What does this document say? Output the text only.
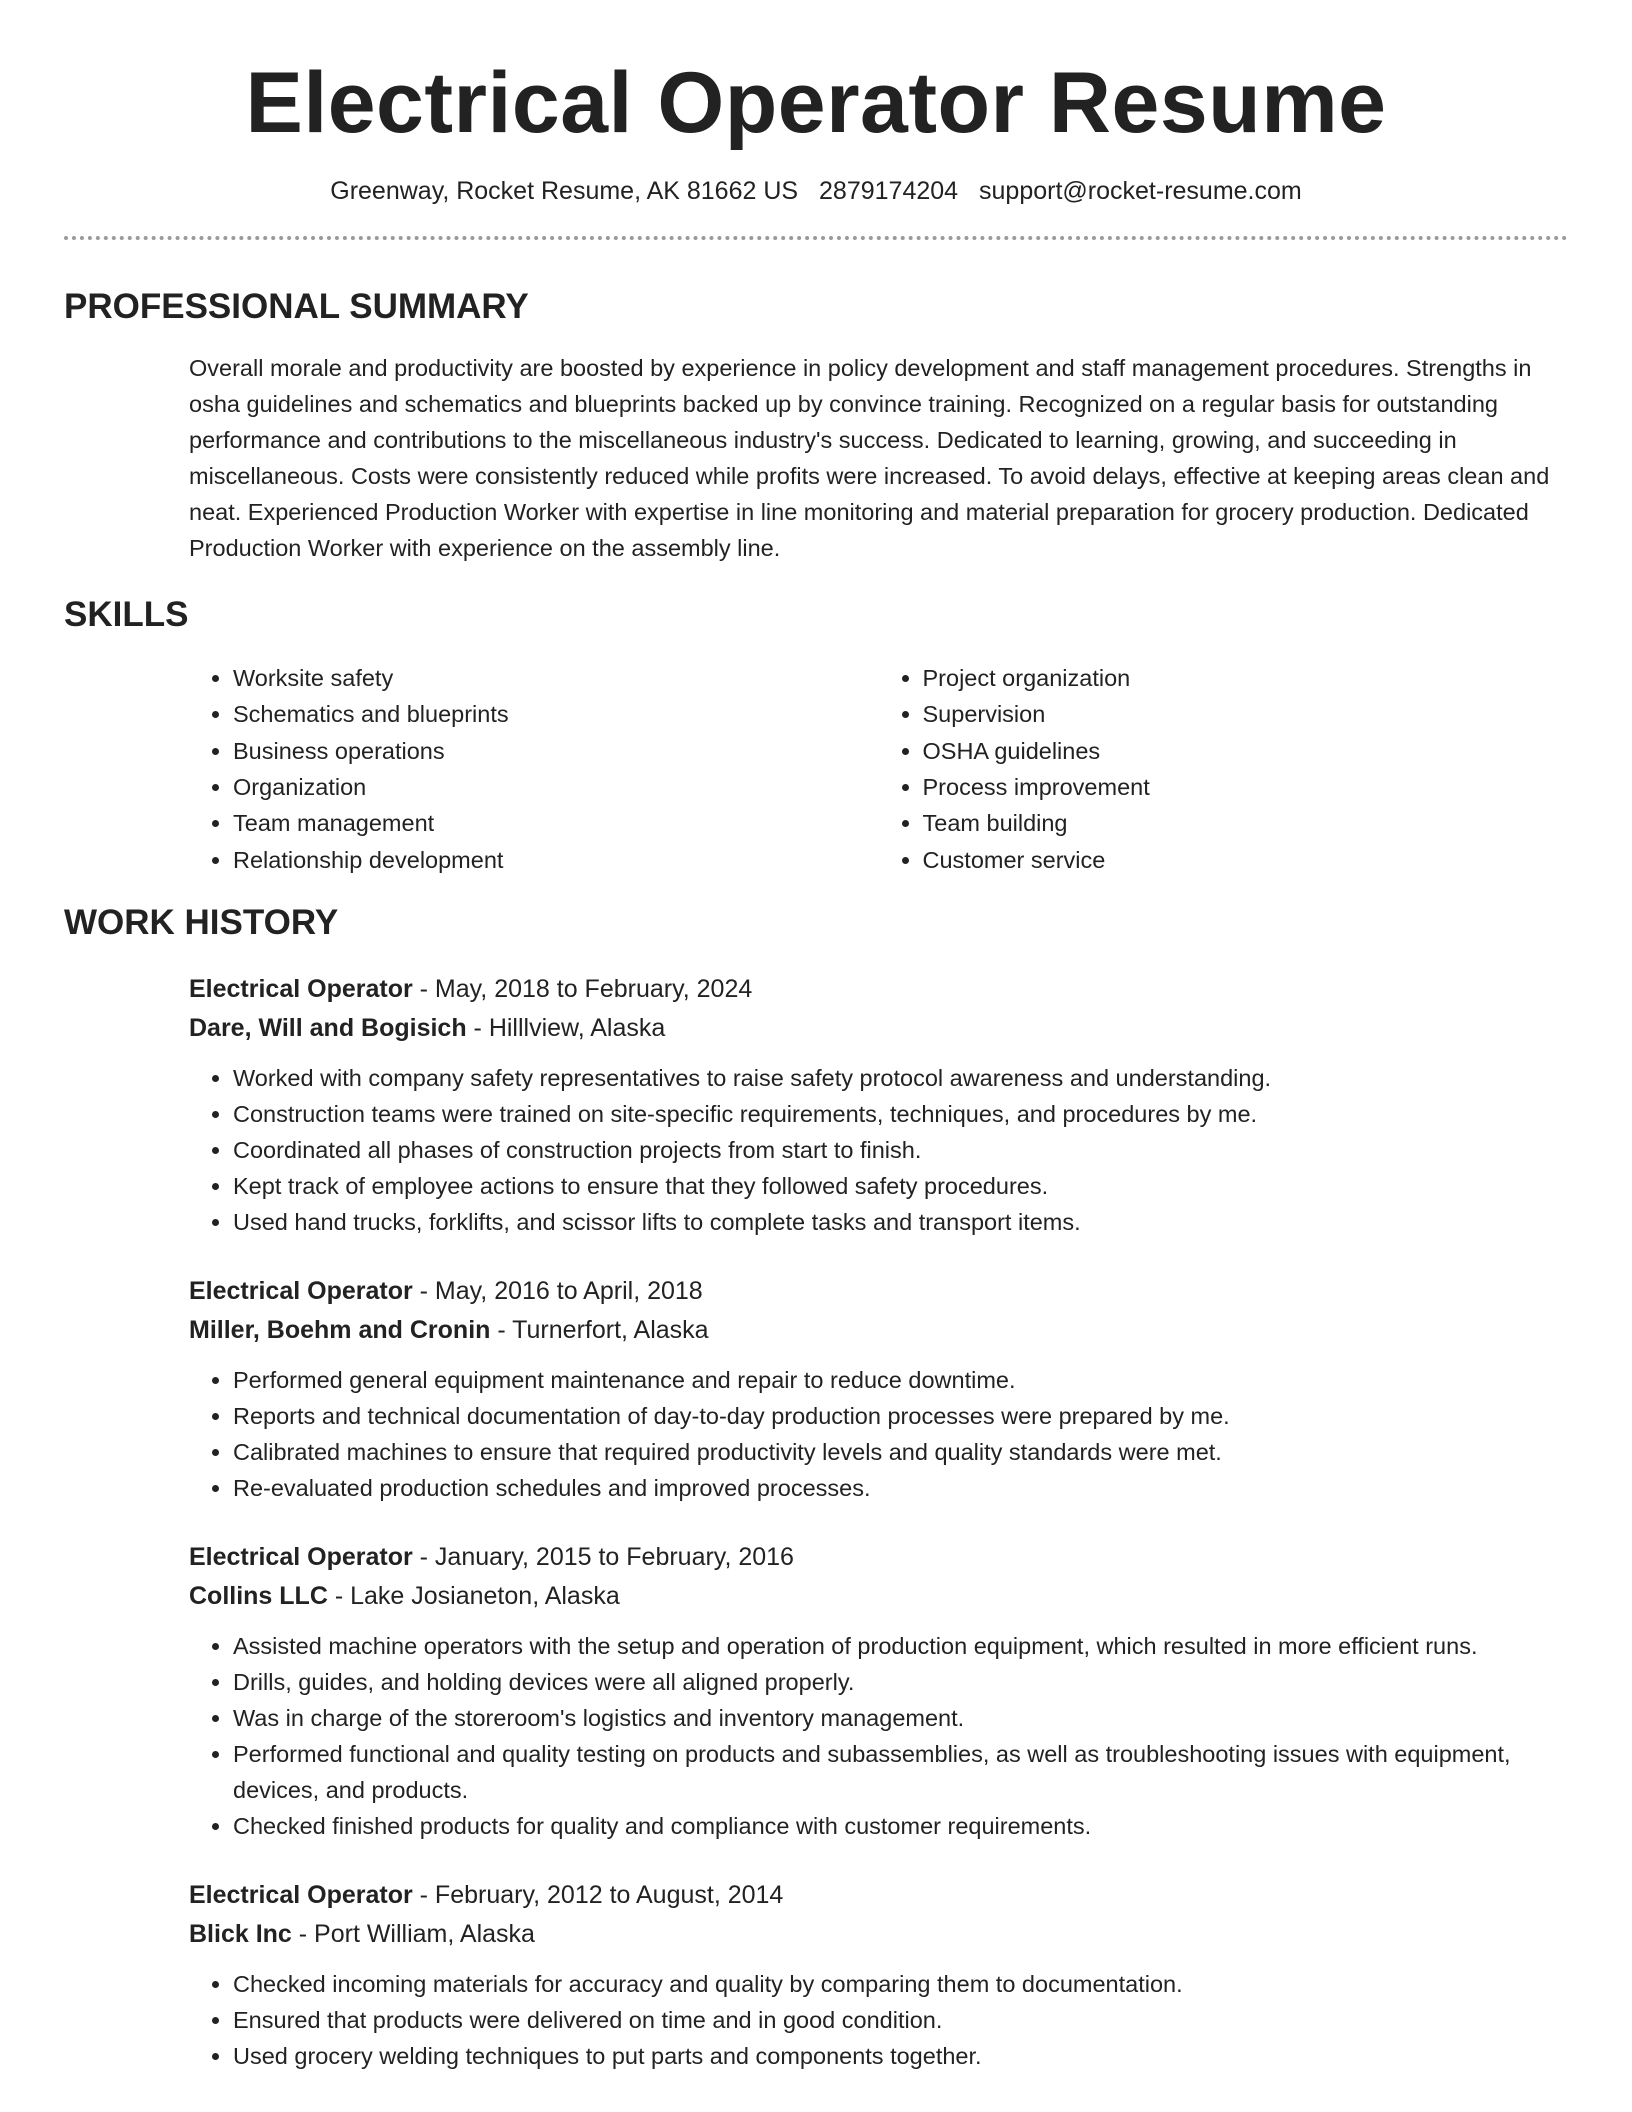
Electrical Operator Resume
Greenway, Rocket Resume, AK 81662 US 2879174204 support@rocket-resume.com
PROFESSIONAL SUMMARY

Overall morale and productivity are boosted by experience in policy development and staff management procedures. Strengths in osha guidelines and schematics and blueprints backed up by convince training. Recognized on a regular basis for outstanding performance and contributions to the miscellaneous industry's success. Dedicated to learning, growing, and succeeding in miscellaneous. Costs were consistently reduced while profits were increased. To avoid delays, effective at keeping areas clean and neat. Experienced Production Worker with expertise in line monitoring and material preparation for grocery production. Dedicated Production Worker with experience on the assembly line.

SKILLS
• Worksite safety
• Schematics and blueprints
• Business operations
• Organization
• Team management
• Relationship development
• Project organization
• Supervision
• OSHA guidelines
• Process improvement
• Team building
• Customer service
WORK HISTORY
Electrical Operator - May, 2018 to February, 2024
Dare, Will and Bogisich - Hilllview, Alaska
• Worked with company safety representatives to raise safety protocol awareness and understanding.
• Construction teams were trained on site-specific requirements, techniques, and procedures by me.
• Coordinated all phases of construction projects from start to finish.
• Kept track of employee actions to ensure that they followed safety procedures.
• Used hand trucks, forklifts, and scissor lifts to complete tasks and transport items.
Electrical Operator - May, 2016 to April, 2018
Miller, Boehm and Cronin - Turnerfort, Alaska
• Performed general equipment maintenance and repair to reduce downtime.
• Reports and technical documentation of day-to-day production processes were prepared by me.
• Calibrated machines to ensure that required productivity levels and quality standards were met.
• Re-evaluated production schedules and improved processes.
Electrical Operator - January, 2015 to February, 2016
Collins LLC - Lake Josianeton, Alaska
• Assisted machine operators with the setup and operation of production equipment, which resulted in more efficient runs.
• Drills, guides, and holding devices were all aligned properly.
• Was in charge of the storeroom's logistics and inventory management.
• Performed functional and quality testing on products and subassemblies, as well as troubleshooting issues with equipment, devices, and products.
• Checked finished products for quality and compliance with customer requirements.
Electrical Operator - February, 2012 to August, 2014
Blick Inc - Port William, Alaska
• Checked incoming materials for accuracy and quality by comparing them to documentation.
• Ensured that products were delivered on time and in good condition.
• Used grocery welding techniques to put parts and components together.
